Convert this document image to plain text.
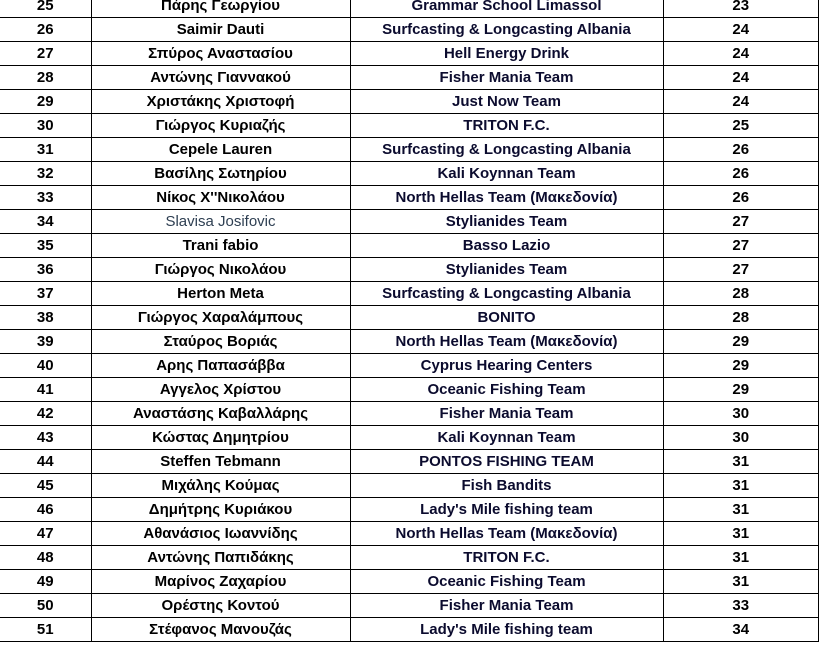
25	Πάρης Γεωργίου	Grammar School Limassol	23
26	Saimir Dauti	Surfcasting & Longcasting Albania	24
27	Σπύρος Αναστασίου	Hell Energy Drink	24
28	Αντώνης Γιαννακού	Fisher Mania Team	24
29	Χριστάκης Χριστοφή	Just Now Team	24
30	Γιώργος Κυριαζής	TRITON F.C.	25
31	Cepele Lauren	Surfcasting & Longcasting Albania	26
32	Βασίλης Σωτηρίου	Kali Koynnan Team	26
33	Νίκος Χ''Νικολάου	North Hellas Team (Μακεδονία)	26
34	Slavisa Josifovic	Stylianides Team	27
35	Trani fabio	Basso Lazio	27
36	Γιώργος Νικολάου	Stylianides Team	27
37	Herton Meta	Surfcasting & Longcasting Albania	28
38	Γιώργος Χαραλάμπους	BONITO	28
39	Σταύρος Βοριάς	North Hellas Team (Μακεδονία)	29
40	Αρης Παπασάββα	Cyprus Hearing Centers	29
41	Αγγελος Χρίστου	Oceanic Fishing Team	29
42	Αναστάσης Καβαλλάρης	Fisher Mania Team	30
43	Κώστας Δημητρίου	Kali Koynnan Team	30
44	Steffen Tebmann	PONTOS FISHING TEAM	31
45	Μιχάλης Κούμας	Fish Bandits	31
46	Δημήτρης Κυριάκου	Lady's Mile fishing team	31
47	Αθανάσιος Ιωαννίδης	North Hellas Team (Μακεδονία)	31
48	Αντώνης Παπιδάκης	TRITON F.C.	31
49	Μαρίνος Ζαχαρίου	Oceanic Fishing Team	31
50	Ορέστης Κοντού	Fisher Mania Team	33
51	Στέφανος Μανουζάς	Lady's Mile fishing team	34
